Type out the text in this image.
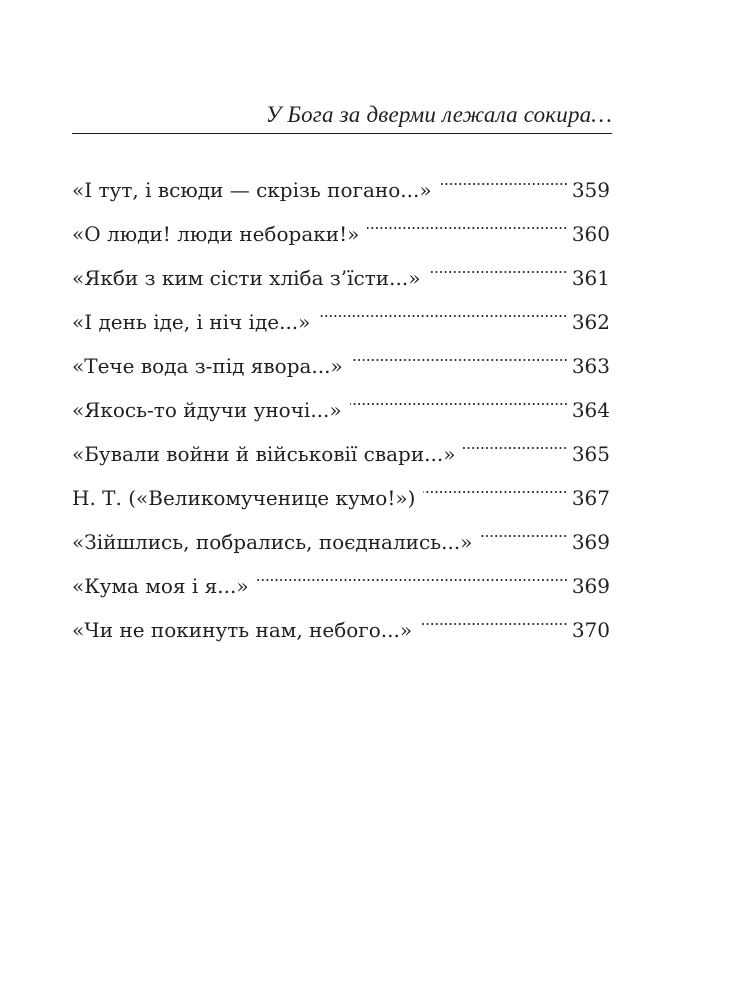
У Бога за дверми лежала сокира…
«І тут, і всюди — скрізь погано...»	359
«О люди! люди небораки!»	360
«Якби з ким сісти хліба з’їсти...»	361
«І день іде, і ніч іде...»	362
«Тече вода з-під явора...»	363
«Якось-то йдучи уночі...»	364
«Бували войни й військовії свари...»	365
Н. Т. («Великомученице кумо!»)	367
«Зійшлись, побрались, поєднались...»	369
«Кума моя і я...»	369
«Чи не покинуть нам, небого...»	370
